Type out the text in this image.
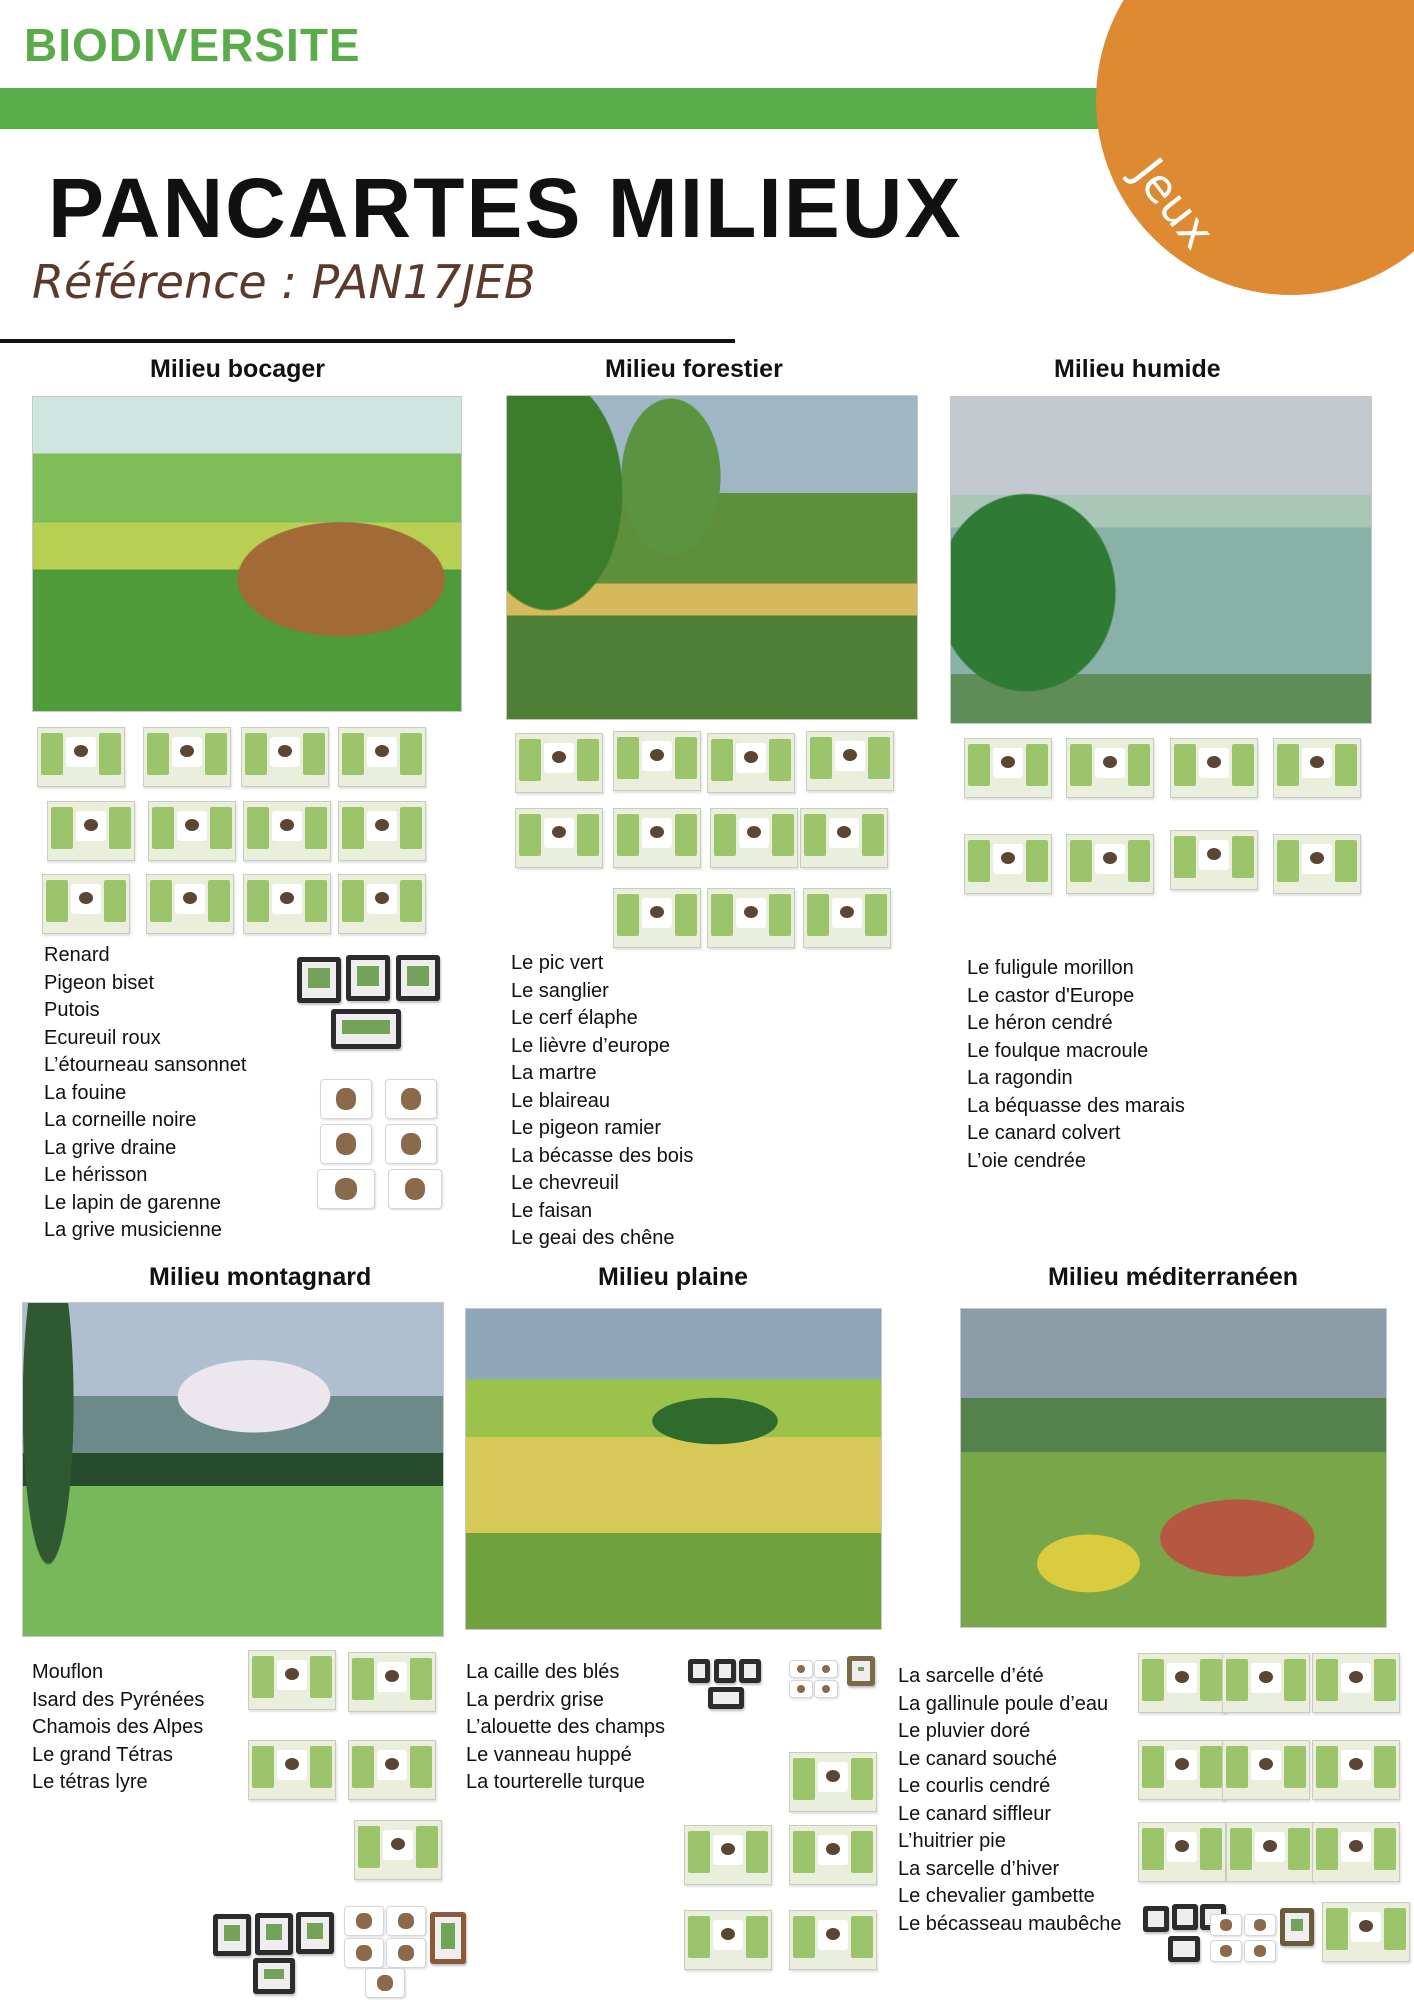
BIODIVERSITE
Jeux
PANCARTES MILIEUX
Référence : PAN17JEB
Milieu bocager
Renard
Pigeon biset
Putois
Ecureuil roux
L’étourneau sansonnet
La fouine
La corneille noire
La grive draine
Le hérisson
Le lapin de garenne
La grive musicienne
Milieu forestier
Le pic vert
Le sanglier
Le cerf élaphe
Le lièvre d’europe
La martre
Le blaireau
Le pigeon ramier
La bécasse des bois
Le chevreuil
Le faisan
Le geai des chêne
Milieu humide
Le fuligule morillon
Le castor d'Europe
Le héron cendré
Le foulque macroule
La ragondin
La béquasse des marais
Le canard colvert
L’oie cendrée
Milieu montagnard
Mouflon
Isard des Pyrénées
Chamois des Alpes
Le grand Tétras
Le tétras lyre
Milieu plaine
La caille des blés
La perdrix grise
L’alouette des champs
Le vanneau huppé
La tourterelle turque
Milieu méditerranéen
La sarcelle d’été
La gallinule poule d’eau
Le pluvier doré
Le canard souché
Le courlis cendré
Le canard siffleur
L’huitrier pie
La sarcelle d’hiver
Le chevalier gambette
Le bécasseau maubêche
